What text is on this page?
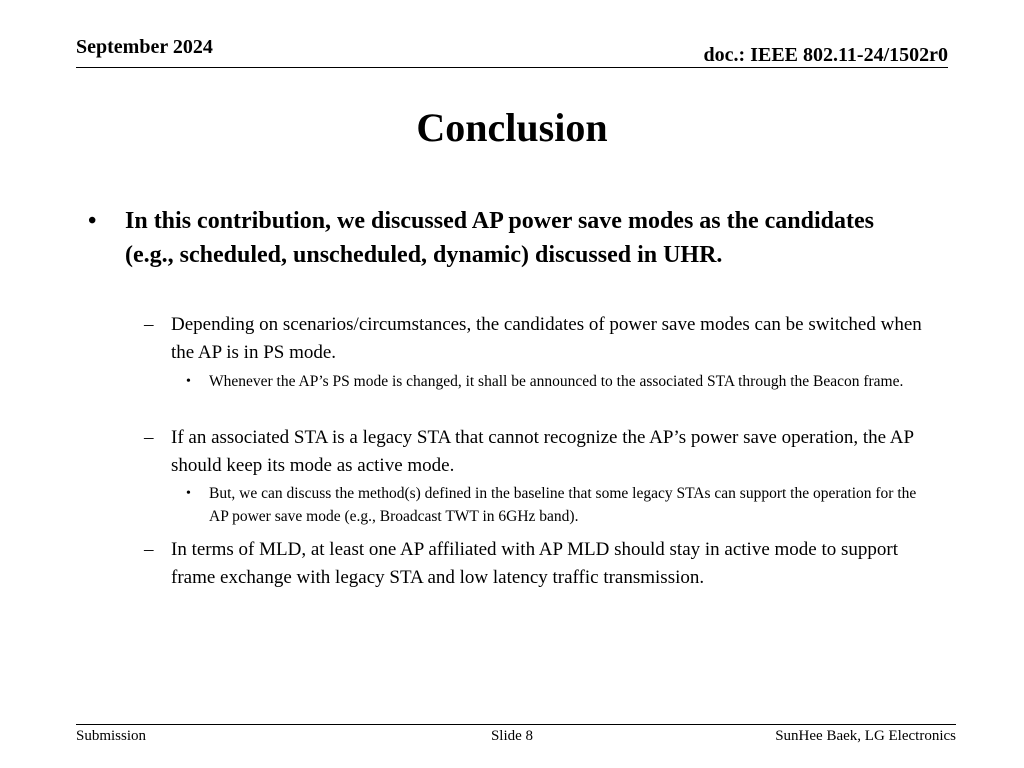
September 2024	doc.: IEEE 802.11-24/1502r0
Conclusion
• In this contribution, we discussed AP power save modes as the candidates (e.g., scheduled, unscheduled, dynamic) discussed in UHR.
– Depending on scenarios/circumstances, the candidates of power save modes can be switched when the AP is in PS mode.
• Whenever the AP’s PS mode is changed, it shall be announced to the associated STA through the Beacon frame.
– If an associated STA is a legacy STA that cannot recognize the AP’s power save operation, the AP should keep its mode as active mode.
• But, we can discuss the method(s) defined in the baseline that some legacy STAs can support the operation for the AP power save mode (e.g., Broadcast TWT in 6GHz band).
– In terms of MLD, at least one AP affiliated with AP MLD should stay in active mode to support frame exchange with legacy STA and low latency traffic transmission.
Submission	Slide 8	SunHee Baek, LG Electronics
